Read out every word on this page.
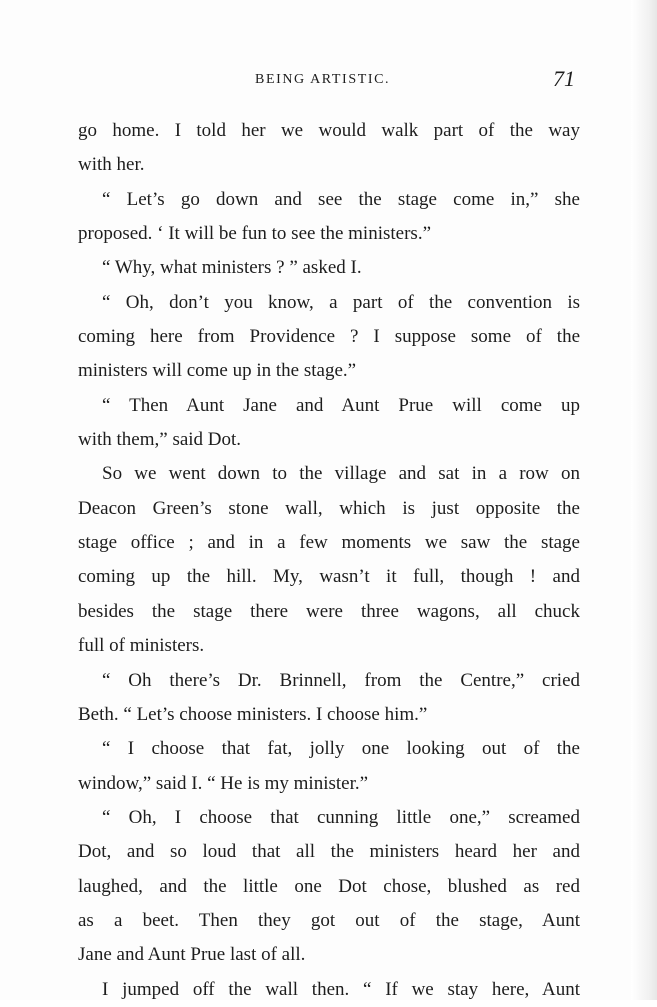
BEING ARTISTIC.	71
go home. I told her we would walk part of the way
with her.
“ Let’s go down and see the stage come in,” she
proposed. ‘ It will be fun to see the ministers.”
“ Why, what ministers ? ” asked I.
“ Oh, don’t you know, a part of the convention is
coming here from Providence ? I suppose some of the
ministers will come up in the stage.”
“ Then Aunt Jane and Aunt Prue will come up
with them,” said Dot.
So we went down to the village and sat in a row on
Deacon Green’s stone wall, which is just opposite the
stage office ; and in a few moments we saw the stage
coming up the hill. My, wasn’t it full, though ! and
besides the stage there were three wagons, all chuck
full of ministers.
“ Oh there’s Dr. Brinnell, from the Centre,” cried
Beth. “ Let’s choose ministers. I choose him.”
“ I choose that fat, jolly one looking out of the
window,” said I. “ He is my minister.”
“ Oh, I choose that cunning little one,” screamed
Dot, and so loud that all the ministers heard her and
laughed, and the little one Dot chose, blushed as red
as a beet. Then they got out of the stage, Aunt
Jane and Aunt Prue last of all.
I jumped off the wall then. “ If we stay here, Aunt
